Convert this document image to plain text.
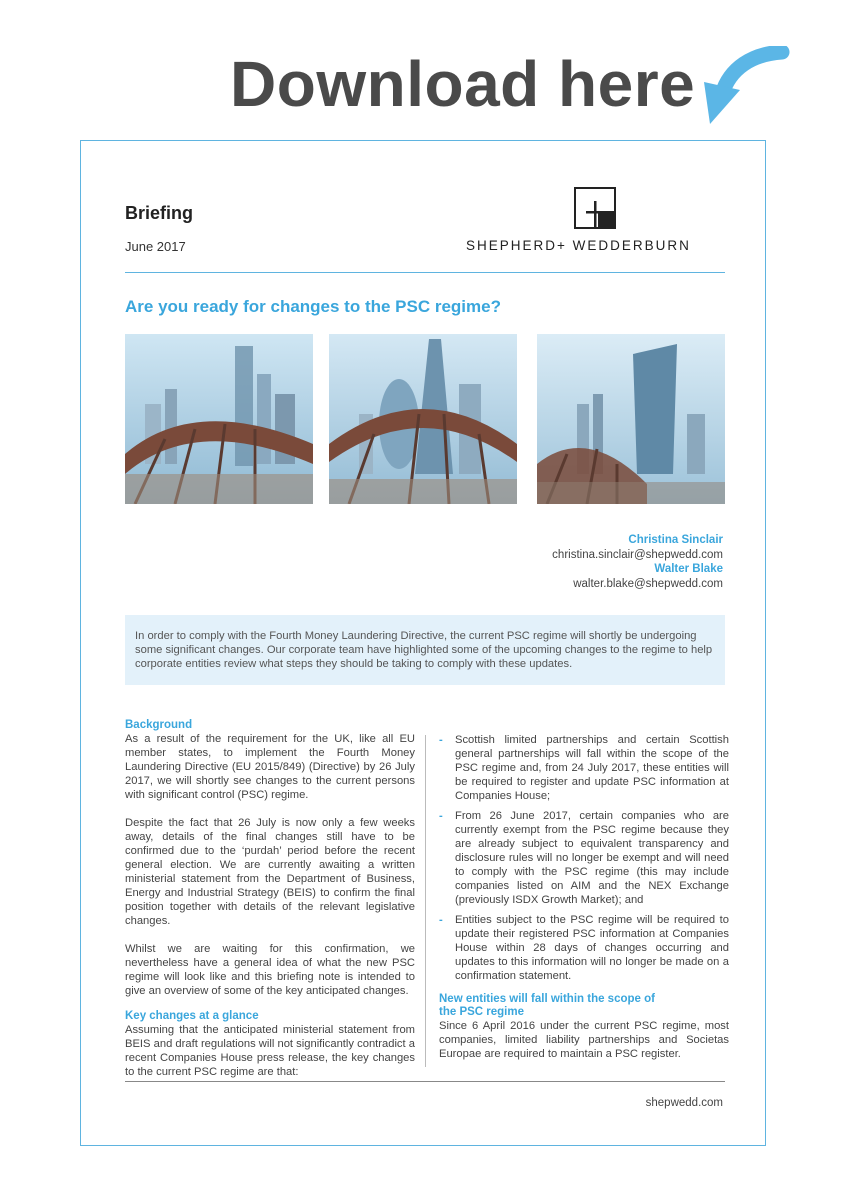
Download here
Briefing
June 2017	SHEPHERD+ WEDDERBURN
Are you ready for changes to the PSC regime?
Christina Sinclair
christina.sinclair@shepwedd.com
Walter Blake
walter.blake@shepwedd.com
In order to comply with the Fourth Money Laundering Directive, the current PSC regime will shortly be undergoing some significant changes. Our corporate team have highlighted some of the upcoming changes to the regime to help corporate entities review what steps they should be taking to comply with these updates.
Background

As a result of the requirement for the UK, like all EU member states, to implement the Fourth Money Laundering Directive (EU 2015/849) (Directive) by 26 July 2017, we will shortly see changes to the current persons with significant control (PSC) regime.

Despite the fact that 26 July is now only a few weeks away, details of the final changes still have to be confirmed due to the ‘purdah’ period before the recent general election. We are currently awaiting a written ministerial statement from the Department of Business, Energy and Industrial Strategy (BEIS) to confirm the final position together with details of the relevant legislative changes.

Whilst we are waiting for this confirmation, we nevertheless have a general idea of what the new PSC regime will look like and this briefing note is intended to give an overview of some of the key anticipated changes.

Key changes at a glance

Assuming that the anticipated ministerial statement from BEIS and draft regulations will not significantly contradict a recent Companies House press release, the key changes to the current PSC regime are that:

- Scottish limited partnerships and certain Scottish general partnerships will fall within the scope of the PSC regime and, from 24 July 2017, these entities will be required to register and update PSC information at Companies House;
- From 26 June 2017, certain companies who are currently exempt from the PSC regime because they are already subject to equivalent transparency and disclosure rules will no longer be exempt and will need to comply with the PSC regime (this may include companies listed on AIM and the NEX Exchange (previously ISDX Growth Market); and
- Entities subject to the PSC regime will be required to update their registered PSC information at Companies House within 28 days of changes occurring and updates to this information will no longer be made on a confirmation statement.
New entities will fall within the scope of the PSC regime

Since 6 April 2016 under the current PSC regime, most companies, limited liability partnerships and Societas Europae are required to maintain a PSC register.

shepwedd.com
